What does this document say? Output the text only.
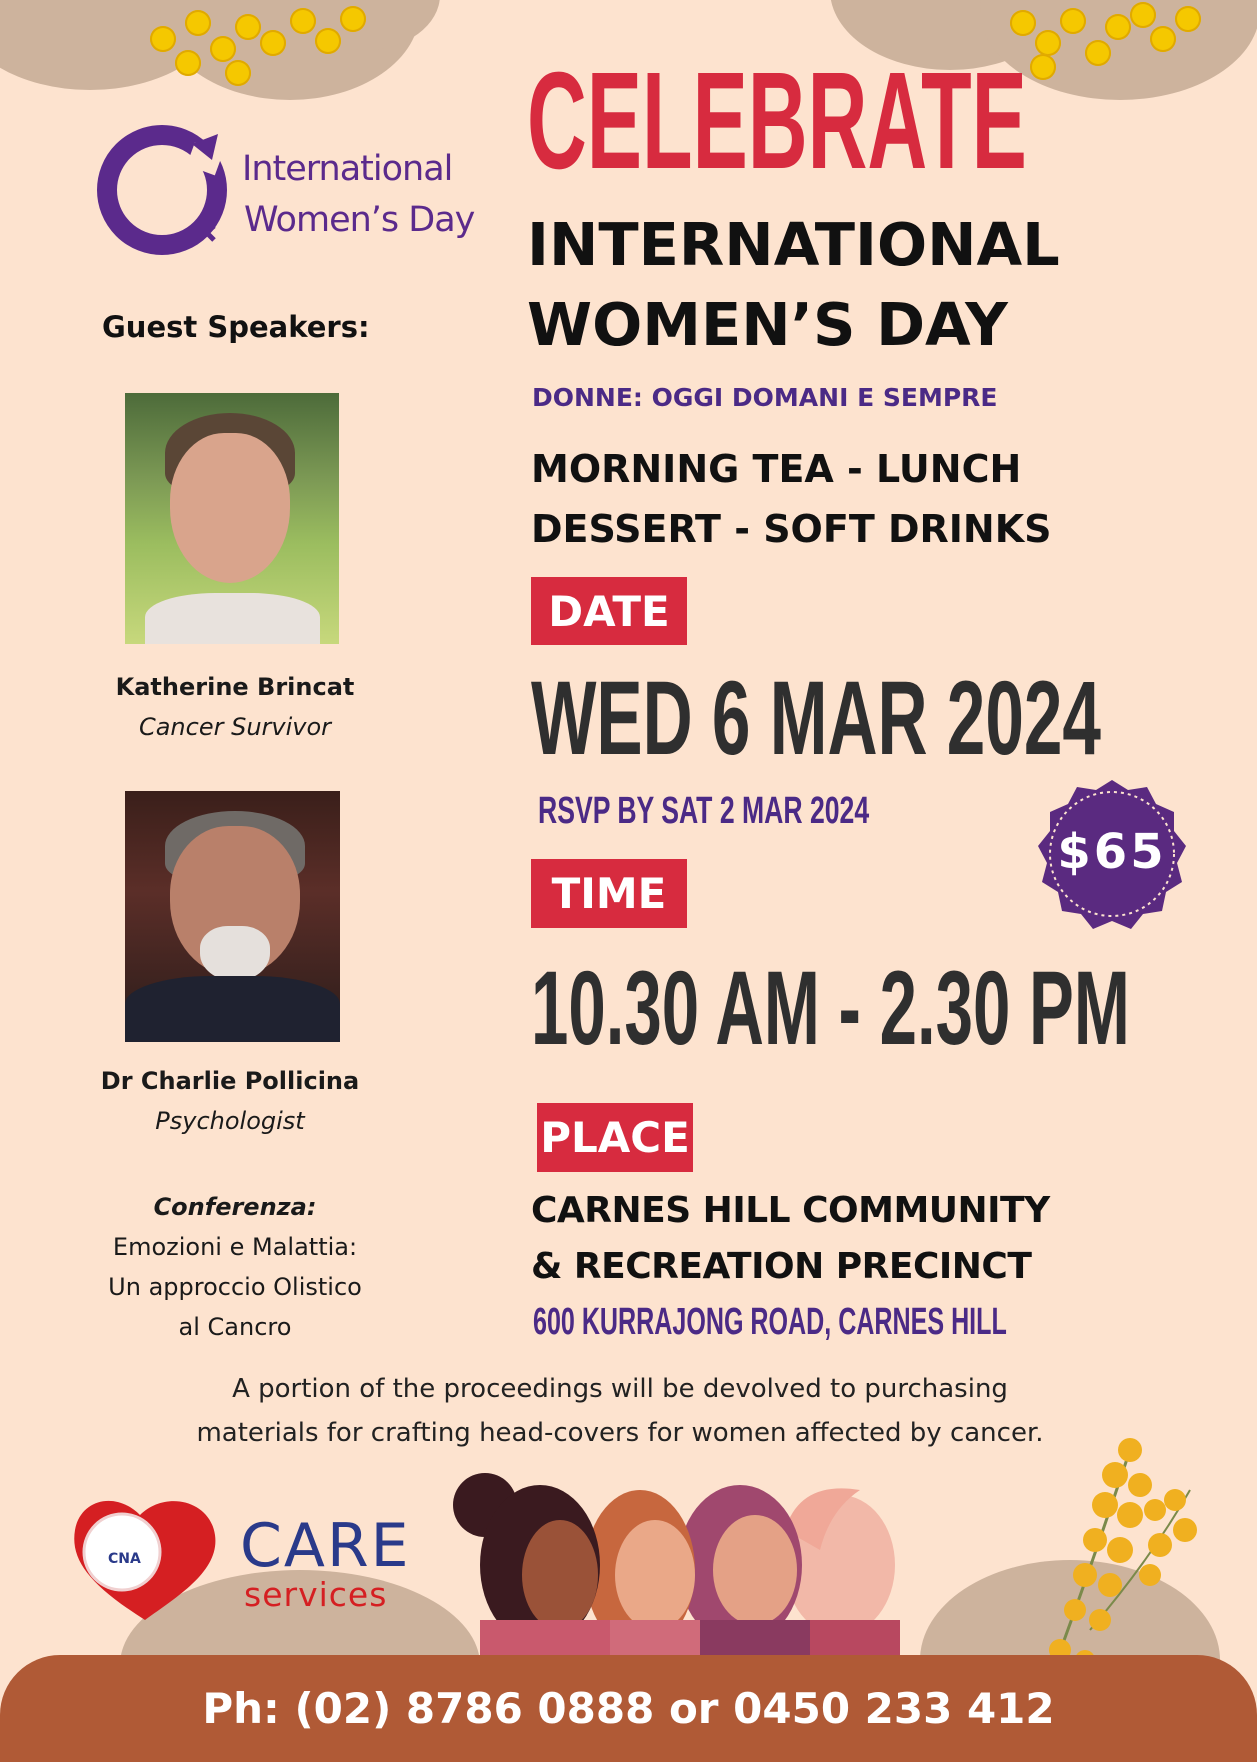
International
Women’s Day
Guest Speakers:
Katherine Brincat
Cancer Survivor
Dr Charlie Pollicina
Psychologist
Conferenza:
Emozioni e Malattia:
Un approccio Olistico
al Cancro
CELEBRATE
INTERNATIONAL
WOMEN’S DAY
DONNE: OGGI DOMANI E SEMPRE
MORNING TEA - LUNCH
DESSERT - SOFT DRINKS
DATE
WED 6 MAR 2024
RSVP BY SAT 2 MAR 2024
$65
TIME
10.30 AM - 2.30 PM
PLACE
CARNES HILL COMMUNITY
& RECREATION PRECINCT
600 KURRAJONG ROAD, CARNES HILL
A portion of the proceedings will be devolved to purchasing
materials for crafting head-covers for women affected by cancer.
CNA CARE
services
Ph: (02) 8786 0888 or 0450 233 412
